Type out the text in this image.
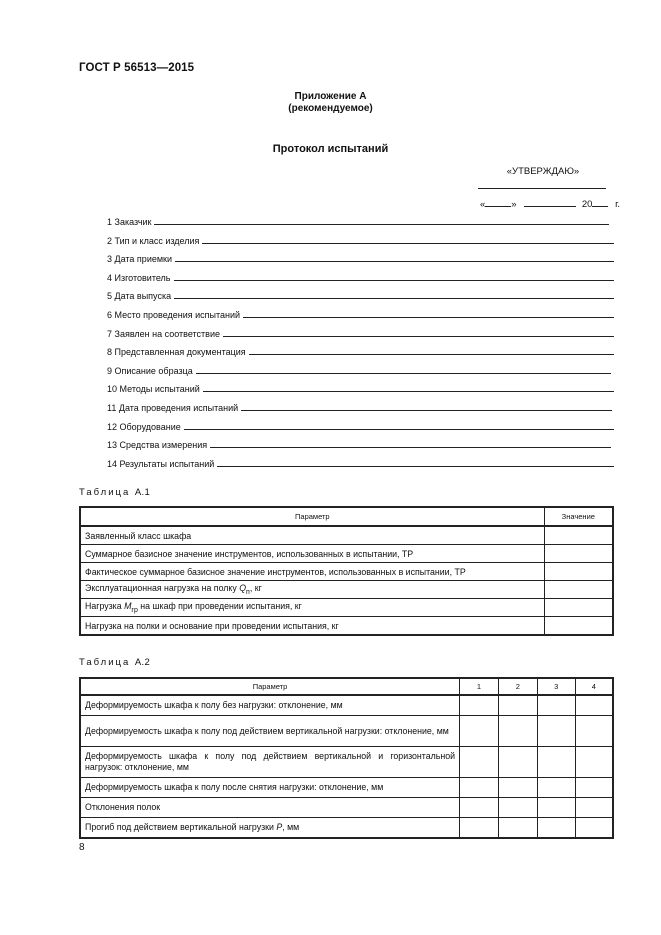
ГОСТ Р 56513—2015
Приложение А
(рекомендуемое)
Протокол испытаний
«УТВЕРЖДАЮ»
«	»	20 г.
1 Заказчик
2 Тип и класс изделия
3 Дата приемки
4 Изготовитель
5 Дата выпуска
6 Место проведения испытаний
7 Заявлен на соответствие
8 Представленная документация
9 Описание образца
10 Методы испытаний
11 Дата проведения испытаний
12 Оборудование
13 Средства измерения
14 Результаты испытаний
Таблица А.1
Параметр	Значение
Заявленный класс шкафа	
Суммарное базисное значение инструментов, использованных в испытании, ТР	
Фактическое суммарное базисное значение инструментов, использованных в испытании, ТР	
Эксплуатационная нагрузка на полку $Q_п$, кг	
Нагрузка $M_{гр}$ на шкаф при проведении испытания, кг	
Нагрузка на полки и основание при проведении испытания, кг	
Таблица А.2
Параметр	1	2	3	4
Деформируемость шкафа к полу без нагрузки: отклонение, мм				
Деформируемость шкафа к полу под действием вертикальной нагрузки: отклонение, мм				
Деформируемость шкафа к полу под действием вертикальной и горизонтальной нагрузок: отклонение, мм				
Деформируемость шкафа к полу после снятия нагрузки: отклонение, мм				
Отклонения полок				
Прогиб под действием вертикальной нагрузки Р, мм				
8
